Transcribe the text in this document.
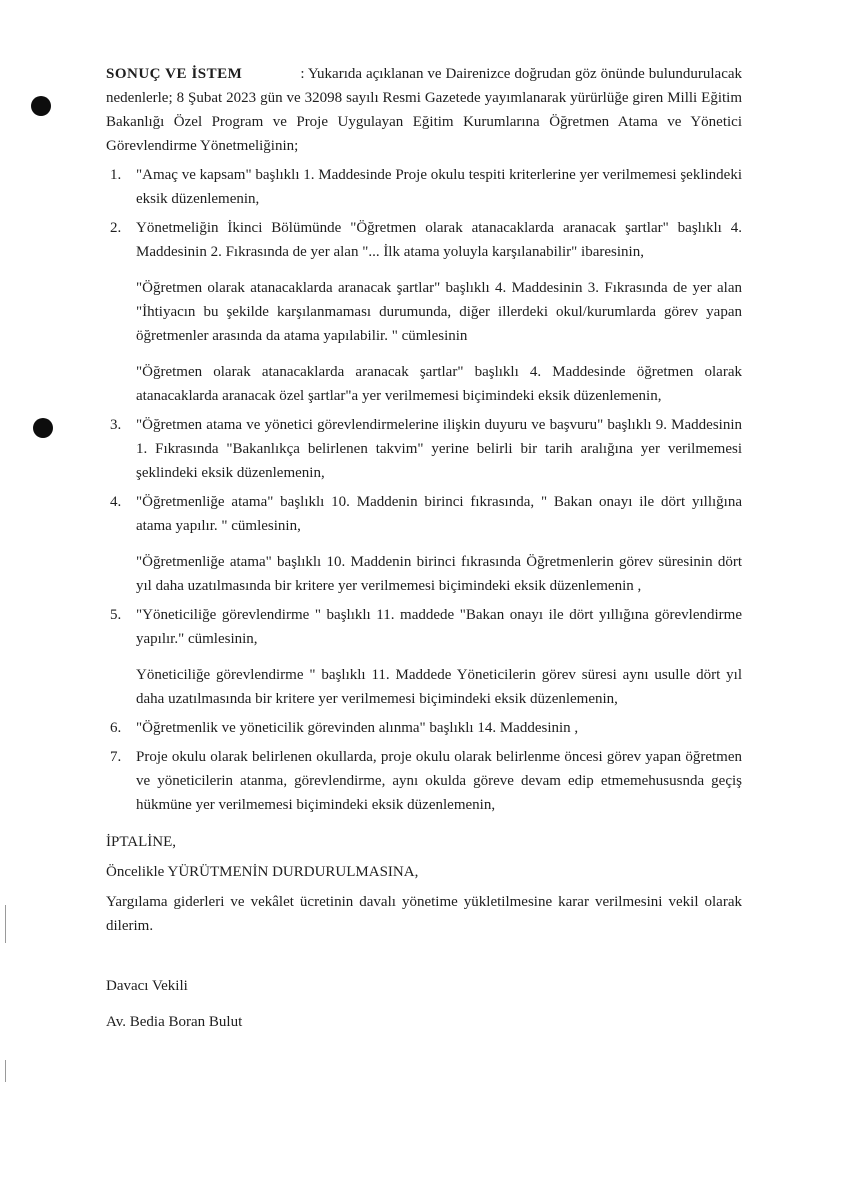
SONUÇ VE İSTEM	: Yukarıda açıklanan ve Dairenizce doğrudan göz önünde bulundurulacak nedenlerle; 8 Şubat 2023 gün ve 32098 sayılı Resmi Gazetede yayımlanarak yürürlüğe giren Milli Eğitim Bakanlığı Özel Program ve Proje Uygulayan Eğitim Kurumlarına Öğretmen Atama ve Yönetici Görevlendirme Yönetmeliğinin;

1. "Amaç ve kapsam" başlıklı 1. Maddesinde Proje okulu tespiti kriterlerine yer verilmemesi şeklindeki eksik düzenlemenin,

2. Yönetmeliğin İkinci Bölümünde "Öğretmen olarak atanacaklarda aranacak şartlar" başlıklı 4. Maddesinin 2. Fıkrasında de yer alan "... İlk atama yoluyla karşılanabilir" ibaresinin,

"Öğretmen olarak atanacaklarda aranacak şartlar" başlıklı 4. Maddesinin 3. Fıkrasında de yer alan "İhtiyacın bu şekilde karşılanmaması durumunda, diğer illerdeki okul/kurumlarda görev yapan öğretmenler arasında da atama yapılabilir. " cümlesinin

"Öğretmen olarak atanacaklarda aranacak şartlar" başlıklı 4. Maddesinde öğretmen olarak atanacaklarda aranacak özel şartlar"a yer verilmemesi biçimindeki eksik düzenlemenin,

3. "Öğretmen atama ve yönetici görevlendirmelerine ilişkin duyuru ve başvuru" başlıklı 9. Maddesinin 1. Fıkrasında "Bakanlıkça belirlenen takvim" yerine belirli bir tarih aralığına yer verilmemesi şeklindeki eksik düzenlemenin,

4. "Öğretmenliğe atama" başlıklı 10. Maddenin birinci fıkrasında, " Bakan onayı ile dört yıllığına atama yapılır. " cümlesinin,

"Öğretmenliğe atama" başlıklı 10. Maddenin birinci fıkrasında Öğretmenlerin görev süresinin dört yıl daha uzatılmasında bir kritere yer verilmemesi biçimindeki eksik düzenlemenin ,

5. "Yöneticiliğe görevlendirme " başlıklı 11. maddede "Bakan onayı ile dört yıllığına görevlendirme yapılır." cümlesinin,

Yöneticiliğe görevlendirme " başlıklı 11. Maddede Yöneticilerin görev süresi aynı usulle dört yıl daha uzatılmasında bir kritere yer verilmemesi biçimindeki eksik düzenlemenin,

6. "Öğretmenlik ve yöneticilik görevinden alınma" başlıklı 14. Maddesinin ,

7. Proje okulu olarak belirlenen okullarda, proje okulu olarak belirlenme öncesi görev yapan öğretmen ve yöneticilerin atanma, görevlendirme, aynı okulda göreve devam edip etmemehususnda geçiş hükmüne yer verilmemesi biçimindeki eksik düzenlemenin,

İPTALİNE,

Öncelikle YÜRÜTMENİN DURDURULMASINA,

Yargılama giderleri ve vekâlet ücretinin davalı yönetime yükletilmesine karar verilmesini vekil olarak dilerim.

Davacı Vekili

Av. Bedia Boran Bulut
